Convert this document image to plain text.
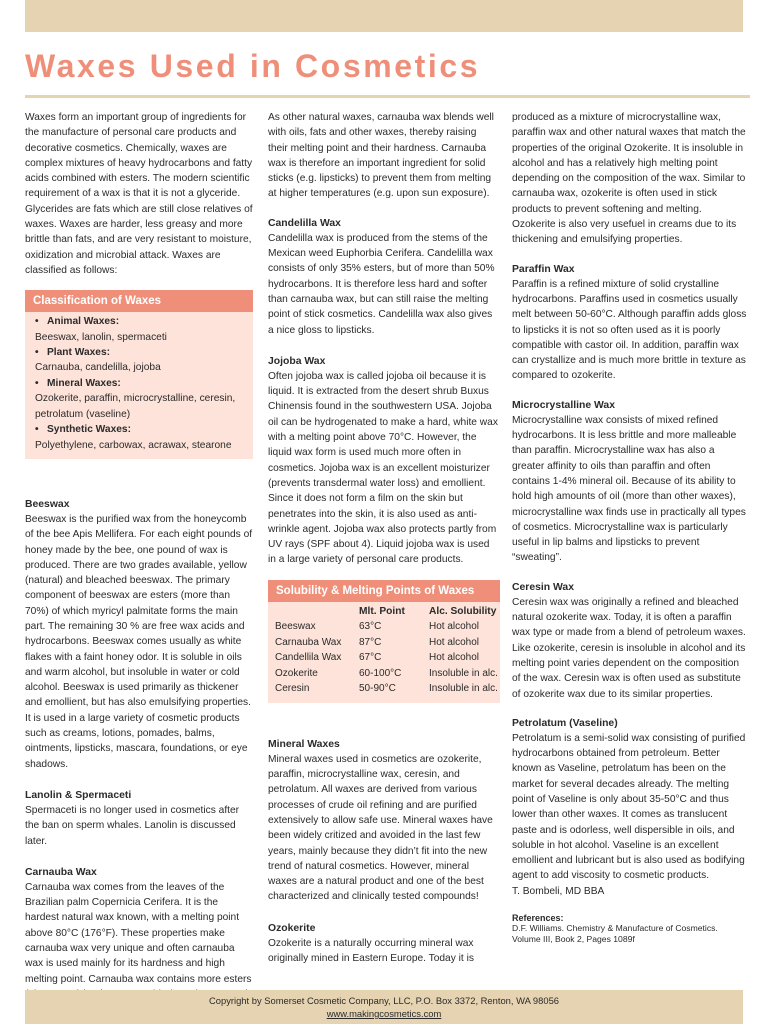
Waxes Used in Cosmetics

Waxes form an important group of ingredients for the manufacture of personal care products and decorative cosmetics. Chemically, waxes are complex mixtures of heavy hydrocarbons and fatty acids combined with esters. The modern scientific requirement of a wax is that it is not a glyceride. Glycerides are fats which are still close relatives of waxes. Waxes are harder, less greasy and more brittle than fats, and are very resistant to moisture, oxidization and microbial attack. Waxes are classified as follows:

Classification of Waxes
• Animal Waxes:
Beeswax, lanolin, spermaceti
• Plant Waxes:
Carnauba, candelilla, jojoba
• Mineral Waxes:
Ozokerite, paraffin, microcrystalline, ceresin, petrolatum (vaseline)
• Synthetic Waxes:
Polyethylene, carbowax, acrawax, stearone
Beeswax

Beeswax is the purified wax from the honeycomb of the bee Apis Mellifera. For each eight pounds of honey made by the bee, one pound of wax is produced. There are two grades available, yellow (natural) and bleached beeswax. The primary component of beeswax are esters (more than 70%) of which myricyl palmitate forms the main part. The remaining 30 % are free wax acids and hydrocarbons. Beeswax comes usually as white flakes with a faint honey odor. It is soluble in oils and warm alcohol, but insoluble in water or cold alcohol. Beeswax is used primarily as thickener and emollient, but has also emulsifying properties. It is used in a large variety of cosmetic products such as creams, lotions, pomades, balms, ointments, lipsticks, mascara, foundations, or eye shadows.

Lanolin & Spermaceti

Spermaceti is no longer used in cosmetics after the ban on sperm whales. Lanolin is discussed later.

Carnauba Wax

Carnauba wax comes from the leaves of the Brazilian palm Copernicia Cerifera. It is the hardest natural wax known, with a melting point above 80°C (176°F). These properties make carnauba wax very unique and often carnauba wax is used mainly for its hardness and high melting point. Carnauba wax contains more esters

As other natural waxes, carnauba wax blends well with oils, fats and other waxes, thereby raising their melting point and their hardness. Carnauba wax is therefore an important ingredient for solid sticks (e.g. lipsticks) to prevent them from melting at higher temperatures (e.g. upon sun exposure).

Candelilla Wax

Candelilla wax is produced from the stems of the Mexican weed Euphorbia Cerifera. Candelilla wax consists of only 35% esters, but of more than 50% hydrocarbons. It is therefore less hard and softer than carnauba wax, but can still raise the melting point of stick cosmetics. Candelilla wax also gives a nice gloss to lipsticks.

Jojoba Wax

Often jojoba wax is called jojoba oil because it is liquid. It is extracted from the desert shrub Buxus Chinensis found in the southwestern USA. Jojoba oil can be hydrogenated to make a hard, white wax with a melting point above 70°C. However, the liquid wax form is used much more often in cosmetics. Jojoba wax is an excellent moisturizer (prevents transdermal water loss) and emollient. Since it does not form a film on the skin but penetrates into the skin, it is also used as anti-wrinkle agent. Jojoba wax also protects partly from UV rays (SPF about 4). Liquid jojoba wax is used in a large variety of personal care products.

Solubility & Melting Points of Waxes
	Mlt. Point	Alc. Solubility
Beeswax	63°C	Hot alcohol
Carnauba Wax	87°C	Hot alcohol
Candellila Wax	67°C	Hot alcohol
Ozokerite	60-100°C	Insoluble in alc.
Ceresin	50-90°C	Insoluble in alc.
Mineral Waxes

Mineral waxes used in cosmetics are ozokerite, paraffin, microcrystalline wax, ceresin, and petrolatum. All waxes are derived from various processes of crude oil refining and are purified extensively to allow safe use. Mineral waxes have been widely critized and avoided in the last few years, mainly because they didn’t fit into the new trend of natural cosmetics. However, mineral waxes are a natural product and one of the best characterized and clinically tested compounds!

Ozokerite

Ozokerite is a naturally occurring mineral wax originally mined in Eastern Europe. Today it is

produced as a mixture of microcrystalline wax, paraffin wax and other natural waxes that match the properties of the original Ozokerite. It is insoluble in alcohol and has a relatively high melting point depending on the composition of the wax. Similar to carnauba wax, ozokerite is often used in stick products to prevent softening and melting. Ozokerite is also very usefuel in creams due to its thickening and emulsifying properties.

Paraffin Wax

Paraffin is a refined mixture of solid crystalline hydrocarbons. Paraffins used in cosmetics usually melt between 50-60°C. Although paraffin adds gloss to lipsticks it is not so often used as it is poorly compatible with castor oil. In addition, paraffin wax can crystallize and is much more brittle in texture as compared to ozokerite.

Microcrystalline Wax

Microcrystalline wax consists of mixed refined hydrocarbons. It is less brittle and more malleable than paraffin. Microcrystalline wax has also a greater affinity to oils than paraffin and often contains 1-4% mineral oil. Because of its ability to hold high amounts of oil (more than other waxes), microcrystalline wax finds use in practically all types of cosmetics. Microcrystalline wax is particularly useful in lip balms and lipsticks to prevent “sweating”.

Ceresin Wax

Ceresin wax was originally a refined and bleached natural ozokerite wax. Today, it is often a paraffin wax type or made from a blend of petroleum waxes. Like ozokerite, ceresin is insoluble in alcohol and its melting point varies dependent on the composition of the wax. Ceresin wax is often used as substitute of ozokerite wax due to its similar properties.

Petrolatum (Vaseline)

Petrolatum is a semi-solid wax consisting of purified hydrocarbons obtained from petroleum. Better known as Vaseline, petrolatum has been on the market for several decades already. The melting point of Vaseline is only about 35-50°C and thus lower than other waxes. It comes as translucent paste and is odorless, well dispersible in oils, and soluble in hot alcohol. Vaseline is an excellent emollient and lubricant but is also used as bodifying agent to add viscosity to cosmetic products.

T. Bombeli, MD BBA

References:
D.F. Williams. Chemistry & Manufacture of Cosmetics. Volume III, Book 2, Pages 1089f
Copyright by Somerset Cosmetic Company, LLC, P.O. Box 3372, Renton, WA 98056
www.makingcosmetics.com
